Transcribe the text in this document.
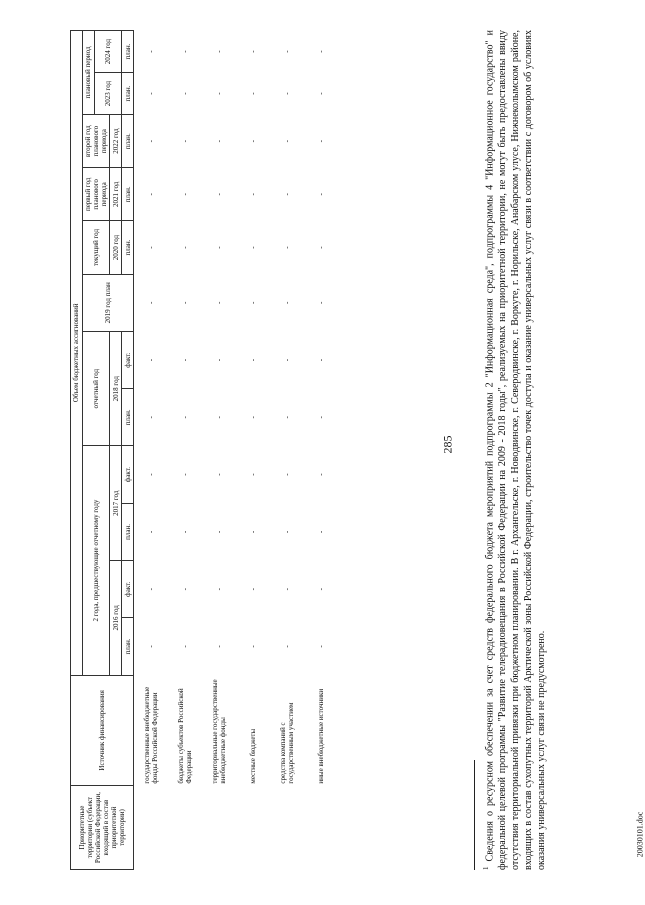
285
20030101.doc
Приоритетные территории (субъект Российской Федерации, входящий в состав приоритетной территории)	Источник финансирования	Объем бюджетных ассигнований											
		2 года, предшествующие отчетному году				отчетный год		2019 год план	текущий год	первый год планового периода	второй год планового периода	плановый период	
												2023 год	2024 год
		2016 год		2017 год		2018 год			2020 год	2021 год	2022 год		
		план.	факт.	план.	факт.	план.	факт.		план.	план.	план.	план.	план.
	государственные внебюджетные фонды Российской Федерации	-	-	-	-	-	-	-	-	-	-	-	-
	бюджеты субъектов Российской Федерации	-	-	-	-	-	-	-	-	-	-	-	-
	территориальные государственные внебюджетные фонды	-	-	-	-	-	-	-	-	-	-	-	-
	местные бюджеты	-	-	-	-	-	-	-	-	-	-	-	-
	средства компаний с государственным участием	-	-	-	-	-	-	-	-	-	-	-	-
	иные внебюджетные источники	-	-	-	-	-	-	-	-	-	-	-	-
$^1$ Сведения о ресурсном обеспечении за счет средств федерального бюджета мероприятий подпрограммы 2 "Информационная среда", подпрограммы 4 "Информационное государство" и федеральной целевой программы "Развитие телерадиовещания в Российской Федерации на 2009 - 2018 годы", реализуемых на приоритетной территории, не могут быть предоставлены ввиду отсутствия территориальной привязки при бюджетном планировании. В г. Архангельске, г. Новодвинске, г. Северодвинске, г. Воркуте, г. Норильске, Анабарском улусе, Нижнеколымском районе, входящих в состав сухопутных территорий Арктической зоны Российской Федерации, строительство точек доступа и оказание универсальных услуг связи в соответствии с договором об условиях оказания универсальных услуг связи не предусмотрено.
